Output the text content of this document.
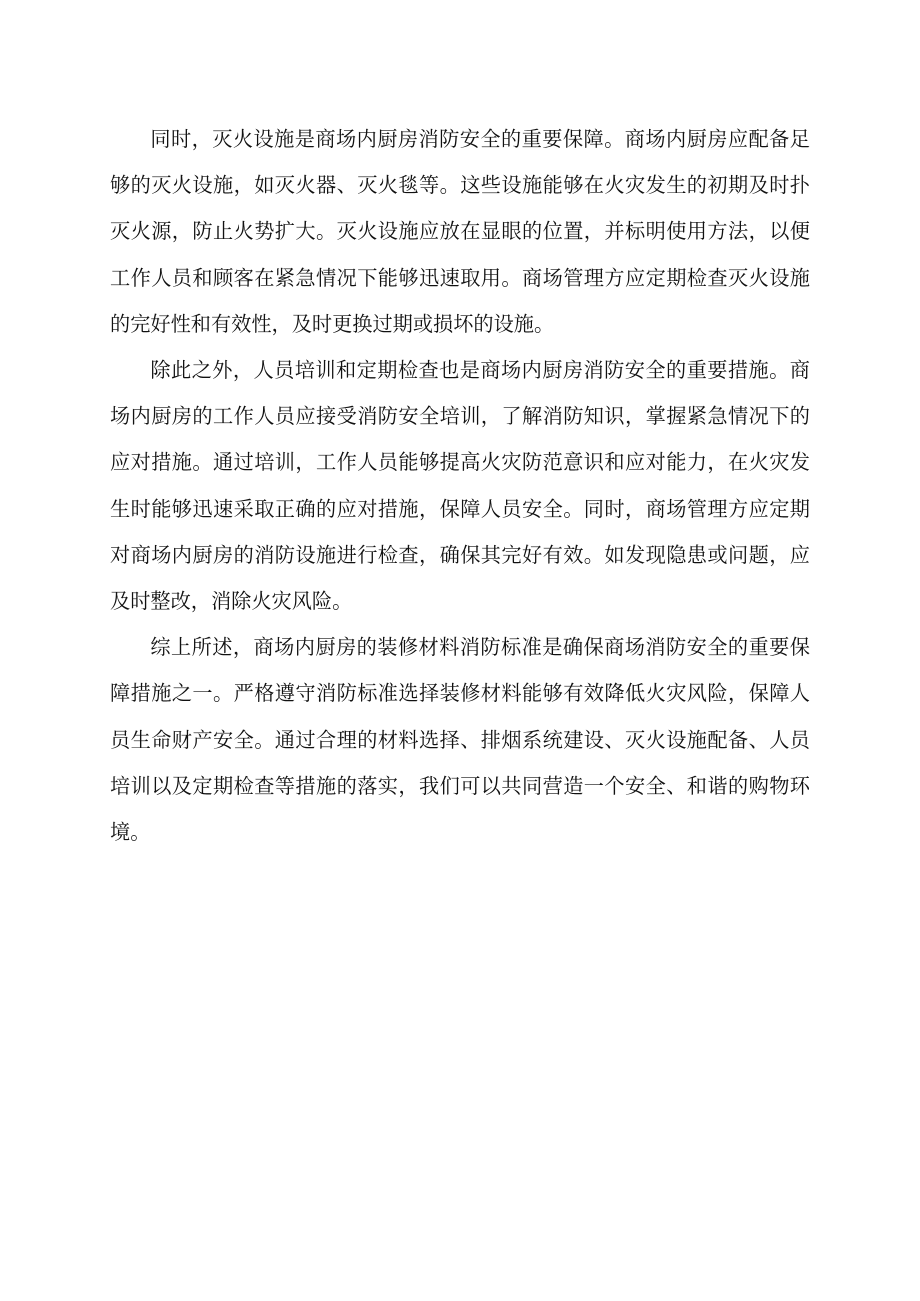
同时，灭火设施是商场内厨房消防安全的重要保障。商场内厨房应配备足够的灭火设施，如灭火器、灭火毯等。这些设施能够在火灾发生的初期及时扑灭火源，防止火势扩大。灭火设施应放在显眼的位置，并标明使用方法，以便工作人员和顾客在紧急情况下能够迅速取用。商场管理方应定期检查灭火设施的完好性和有效性，及时更换过期或损坏的设施。

除此之外，人员培训和定期检查也是商场内厨房消防安全的重要措施。商场内厨房的工作人员应接受消防安全培训，了解消防知识，掌握紧急情况下的应对措施。通过培训，工作人员能够提高火灾防范意识和应对能力，在火灾发生时能够迅速采取正确的应对措施，保障人员安全。同时，商场管理方应定期对商场内厨房的消防设施进行检查，确保其完好有效。如发现隐患或问题，应及时整改，消除火灾风险。

综上所述，商场内厨房的装修材料消防标准是确保商场消防安全的重要保障措施之一。严格遵守消防标准选择装修材料能够有效降低火灾风险，保障人员生命财产安全。通过合理的材料选择、排烟系统建设、灭火设施配备、人员培训以及定期检查等措施的落实，我们可以共同营造一个安全、和谐的购物环境。
